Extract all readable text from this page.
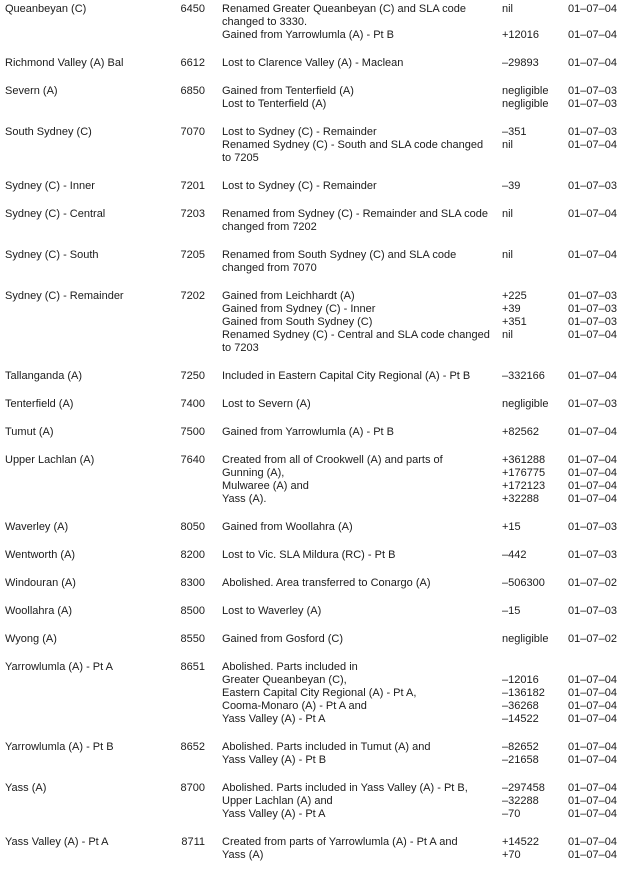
Queanbeyan (C)	6450	Renamed Greater Queanbeyan (C) and SLA code	nil	01–07–04
changed to 3330.
Gained from Yarrowlumla (A) - Pt B	+12016	01–07–04
Richmond Valley (A) Bal	6612	Lost to Clarence Valley (A) - Maclean	–29893	01–07–04
Severn (A)	6850	Gained from Tenterfield (A)	negligible	01–07–03
Lost to Tenterfield (A)	negligible	01–07–03
South Sydney (C)	7070	Lost to Sydney (C) - Remainder	–351	01–07–03
Renamed Sydney (C) - South and SLA code changed	nil	01–07–04
to 7205
Sydney (C) - Inner	7201	Lost to Sydney (C) - Remainder	–39	01–07–03
Sydney (C) - Central	7203	Renamed from Sydney (C) - Remainder and SLA code	nil	01–07–04
changed from 7202
Sydney (C) - South	7205	Renamed from South Sydney (C) and SLA code	nil	01–07–04
changed from 7070
Sydney (C) - Remainder	7202	Gained from Leichhardt (A)	+225	01–07–03
Gained from Sydney (C) - Inner	+39	01–07–03
Gained from South Sydney (C)	+351	01–07–03
Renamed Sydney (C) - Central and SLA code changed	nil	01–07–04
to 7203
Tallanganda (A)	7250	Included in Eastern Capital City Regional (A) - Pt B	–332166	01–07–04
Tenterfield (A)	7400	Lost to Severn (A)	negligible	01–07–03
Tumut (A)	7500	Gained from Yarrowlumla (A) - Pt B	+82562	01–07–04
Upper Lachlan (A)	7640	Created from all of Crookwell (A) and parts of	+361288	01–07–04
Gunning (A),	+176775	01–07–04
Mulwaree (A) and	+172123	01–07–04
Yass (A).	+32288	01–07–04
Waverley (A)	8050	Gained from Woollahra (A)	+15	01–07–03
Wentworth (A)	8200	Lost to Vic. SLA Mildura (RC) - Pt B	–442	01–07–03
Windouran (A)	8300	Abolished. Area transferred to Conargo (A)	–506300	01–07–02
Woollahra (A)	8500	Lost to Waverley (A)	–15	01–07–03
Wyong (A)	8550	Gained from Gosford (C)	negligible	01–07–02
Yarrowlumla (A) - Pt A	8651	Abolished. Parts included in
Greater Queanbeyan (C),	–12016	01–07–04
Eastern Capital City Regional (A) - Pt A,	–136182	01–07–04
Cooma-Monaro (A) - Pt A and	–36268	01–07–04
Yass Valley (A) - Pt A	–14522	01–07–04
Yarrowlumla (A) - Pt B	8652	Abolished. Parts included in Tumut (A) and	–82652	01–07–04
Yass Valley (A) - Pt B	–21658	01–07–04
Yass (A)	8700	Abolished. Parts included in Yass Valley (A) - Pt B,	–297458	01–07–04
Upper Lachlan (A) and	–32288	01–07–04
Yass Valley (A) - Pt A	–70	01–07–04
Yass Valley (A) - Pt A	8711	Created from parts of Yarrowlumla (A) - Pt A and	+14522	01–07–04
Yass (A)	+70	01–07–04
